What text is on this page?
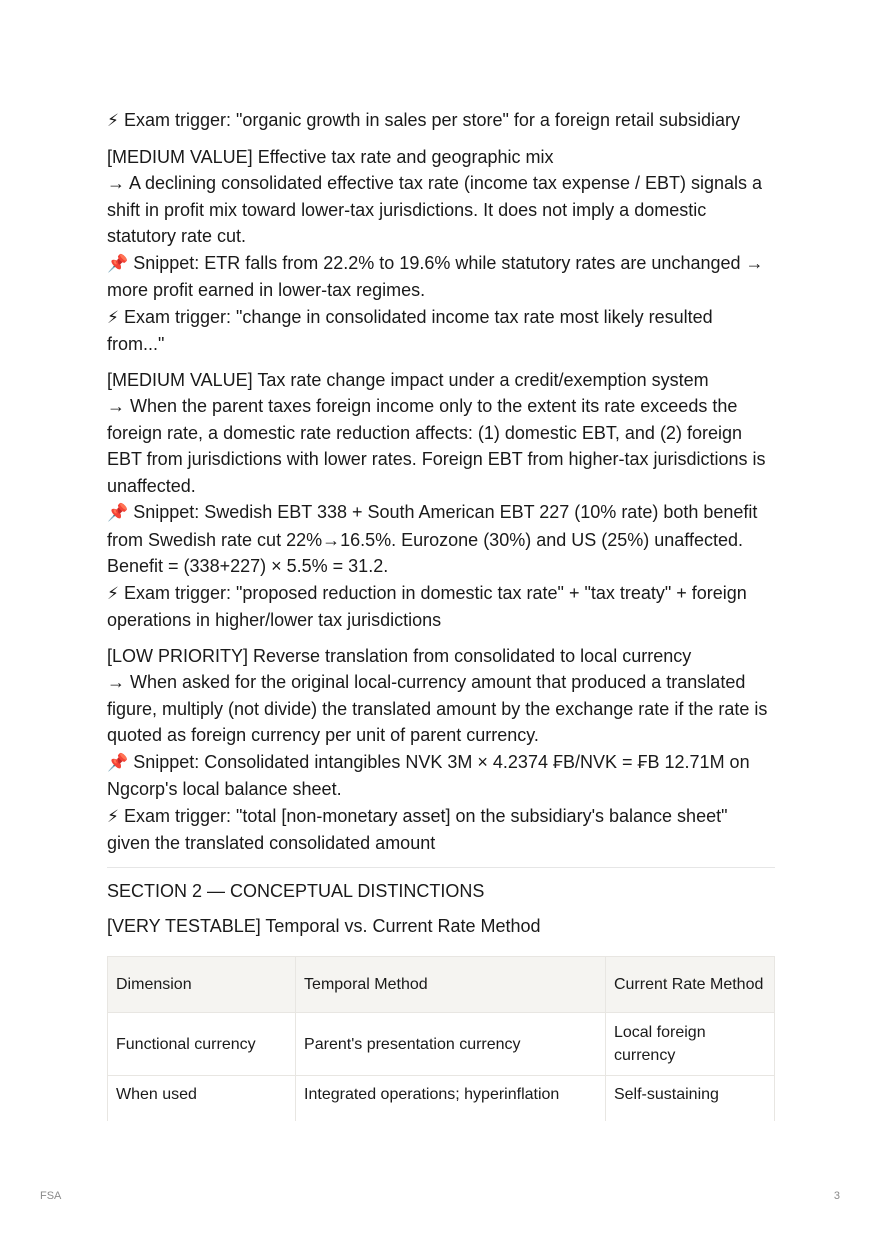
⚡ Exam trigger: "organic growth in sales per store" for a foreign retail subsidiary

[MEDIUM VALUE] Effective tax rate and geographic mix

→ A declining consolidated effective tax rate (income tax expense / EBT) signals a shift in profit mix toward lower-tax jurisdictions. It does not imply a domestic statutory rate cut.

📌 Snippet: ETR falls from 22.2% to 19.6% while statutory rates are unchanged → more profit earned in lower-tax regimes.

⚡ Exam trigger: "change in consolidated income tax rate most likely resulted from..."

[MEDIUM VALUE] Tax rate change impact under a credit/exemption system

→ When the parent taxes foreign income only to the extent its rate exceeds the foreign rate, a domestic rate reduction affects: (1) domestic EBT, and (2) foreign EBT from jurisdictions with lower rates. Foreign EBT from higher-tax jurisdictions is unaffected.

📌 Snippet: Swedish EBT 338 + South American EBT 227 (10% rate) both benefit from Swedish rate cut 22%→16.5%. Eurozone (30%) and US (25%) unaffected. Benefit = (338+227) × 5.5% = 31.2.

⚡ Exam trigger: "proposed reduction in domestic tax rate" + "tax treaty" + foreign operations in higher/lower tax jurisdictions

[LOW PRIORITY] Reverse translation from consolidated to local currency

→ When asked for the original local-currency amount that produced a translated figure, multiply (not divide) the translated amount by the exchange rate if the rate is quoted as foreign currency per unit of parent currency.

📌 Snippet: Consolidated intangibles NVK 3M × 4.2374 ₣B/NVK = ₣B 12.71M on Ngcorp's local balance sheet.

⚡ Exam trigger: "total [non-monetary asset] on the subsidiary's balance sheet" given the translated consolidated amount

SECTION 2 — CONCEPTUAL DISTINCTIONS

[VERY TESTABLE] Temporal vs. Current Rate Method

Dimension	Temporal Method	Current Rate Method
Functional currency	Parent's presentation currency	Local foreign currency
When used	Integrated operations; hyperinflation	Self-sustaining
FSA	3
